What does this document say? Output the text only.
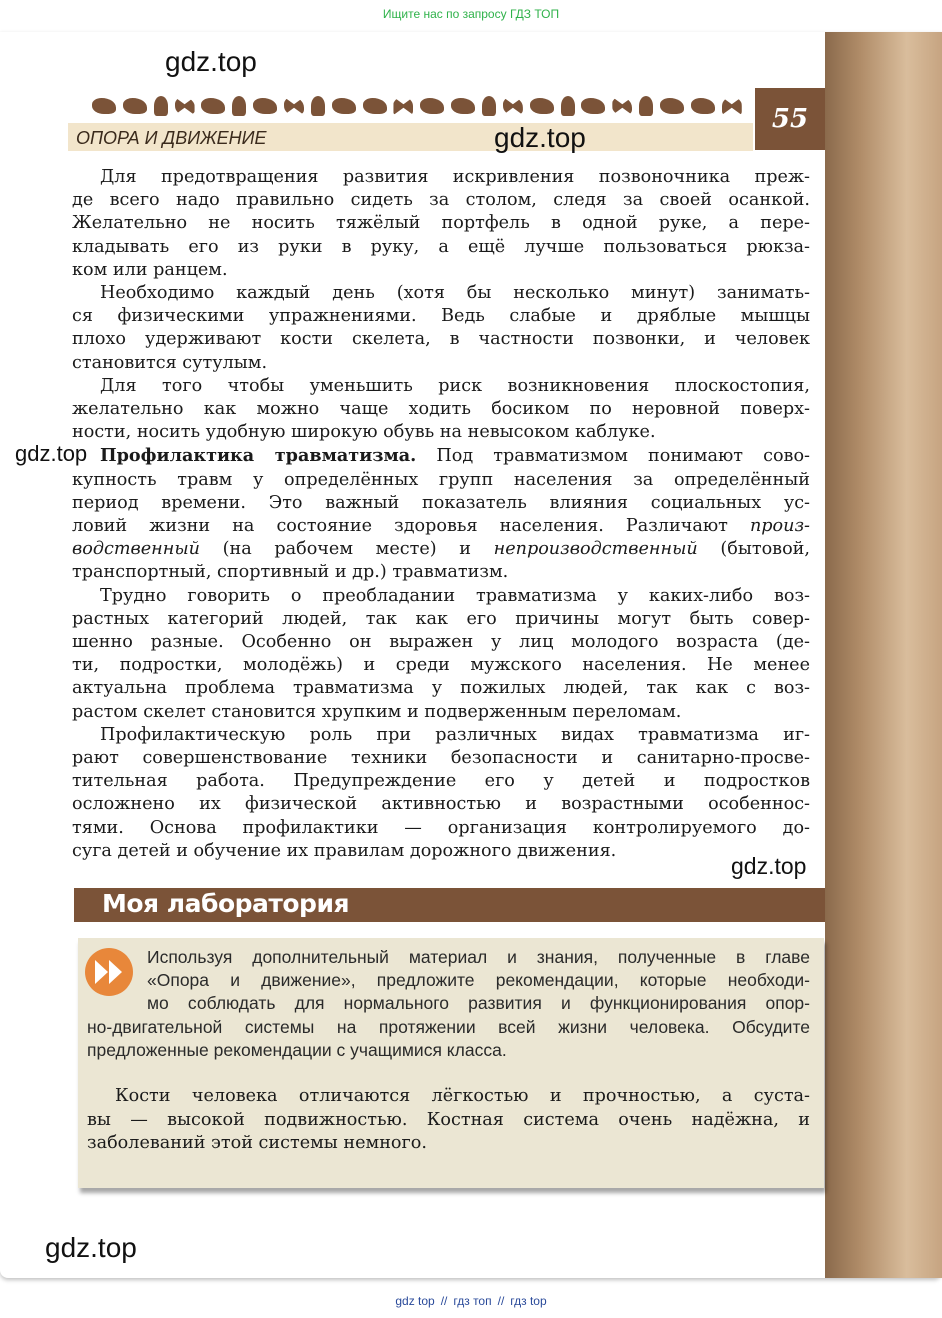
Ищите нас по запросу ГДЗ ТОП
ОПОРА И ДВИЖЕНИЕ
55
gdz.top
gdz.top
gdz.top
gdz.top
gdz.top
Для предотвращения развития искривления позвоночника преж-
де всего надо правильно сидеть за столом, следя за своей осанкой.
Желательно не носить тяжёлый портфель в одной руке, а пере-
кладывать его из руки в руку, а ещё лучше пользоваться рюкза-
ком или ранцем.
Необходимо каждый день (хотя бы несколько минут) занимать-
ся физическими упражнениями. Ведь слабые и дряблые мышцы
плохо удерживают кости скелета, в частности позвонки, и человек
становится сутулым.
Для того чтобы уменьшить риск возникновения плоскостопия,
желательно как можно чаще ходить босиком по неровной поверх-
ности, носить удобную широкую обувь на невысоком каблуке.
Профилактика травматизма. Под травматизмом понимают сово-
купность травм у определённых групп населения за определённый
период времени. Это важный показатель влияния социальных ус-
ловий жизни на состояние здоровья населения. Различают произ-
водственный (на рабочем месте) и непроизводственный (бытовой,
транспортный, спортивный и др.) травматизм.
Трудно говорить о преобладании травматизма у каких-либо воз-
растных категорий людей, так как его причины могут быть совер-
шенно разные. Особенно он выражен у лиц молодого возраста (де-
ти, подростки, молодёжь) и среди мужского населения. Не менее
актуальна проблема травматизма у пожилых людей, так как с воз-
растом скелет становится хрупким и подверженным переломам.
Профилактическую роль при различных видах травматизма иг-
рают совершенствование техники безопасности и санитарно-просве-
тительная работа. Предупреждение его у детей и подростков
осложнено их физической активностью и возрастными особеннос-
тями. Основа профилактики — организация контролируемого до-
суга детей и обучение их правилам дорожного движения.
Моя лаборатория
Используя дополнительный материал и знания, полученные в главе
«Опора и движение», предложите рекомендации, которые необходи-
мо соблюдать для нормального развития и функционирования опор-
но-двигательной системы на протяжении всей жизни человека. Обсудите
предложенные рекомендации с учащимися класса.
Кости человека отличаются лёгкостью и прочностью, а суста-
вы — высокой подвижностью. Костная система очень надёжна, и
заболеваний этой системы немного.
gdz top // гдз топ // гдз top
